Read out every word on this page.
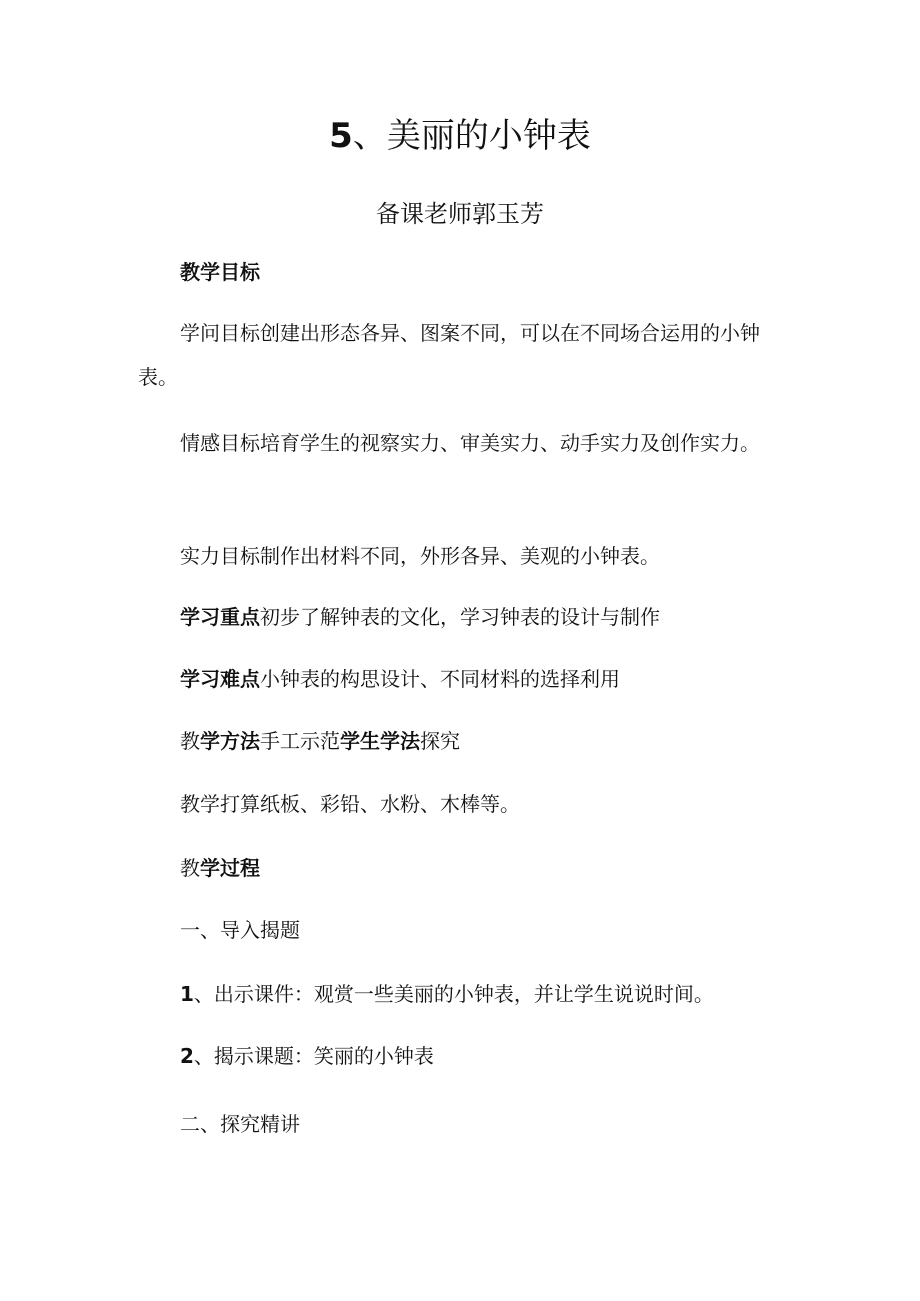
5、美丽的小钟表

备课老师郭玉芳

教学目标

学问目标创建出形态各异、图案不同，可以在不同场合运用的小钟表。

情感目标培育学生的视察实力、审美实力、动手实力及创作实力。

实力目标制作出材料不同，外形各异、美观的小钟表。

学习重点初步了解钟表的文化，学习钟表的设计与制作

学习难点小钟表的构思设计、不同材料的选择利用

教学方法手工示范学生学法探究

教学打算纸板、彩铅、水粉、木棒等。

教学过程

一、导入揭题

1、出示课件：观赏一些美丽的小钟表，并让学生说说时间。

2、揭示课题：笑丽的小钟表

二、探究精讲
